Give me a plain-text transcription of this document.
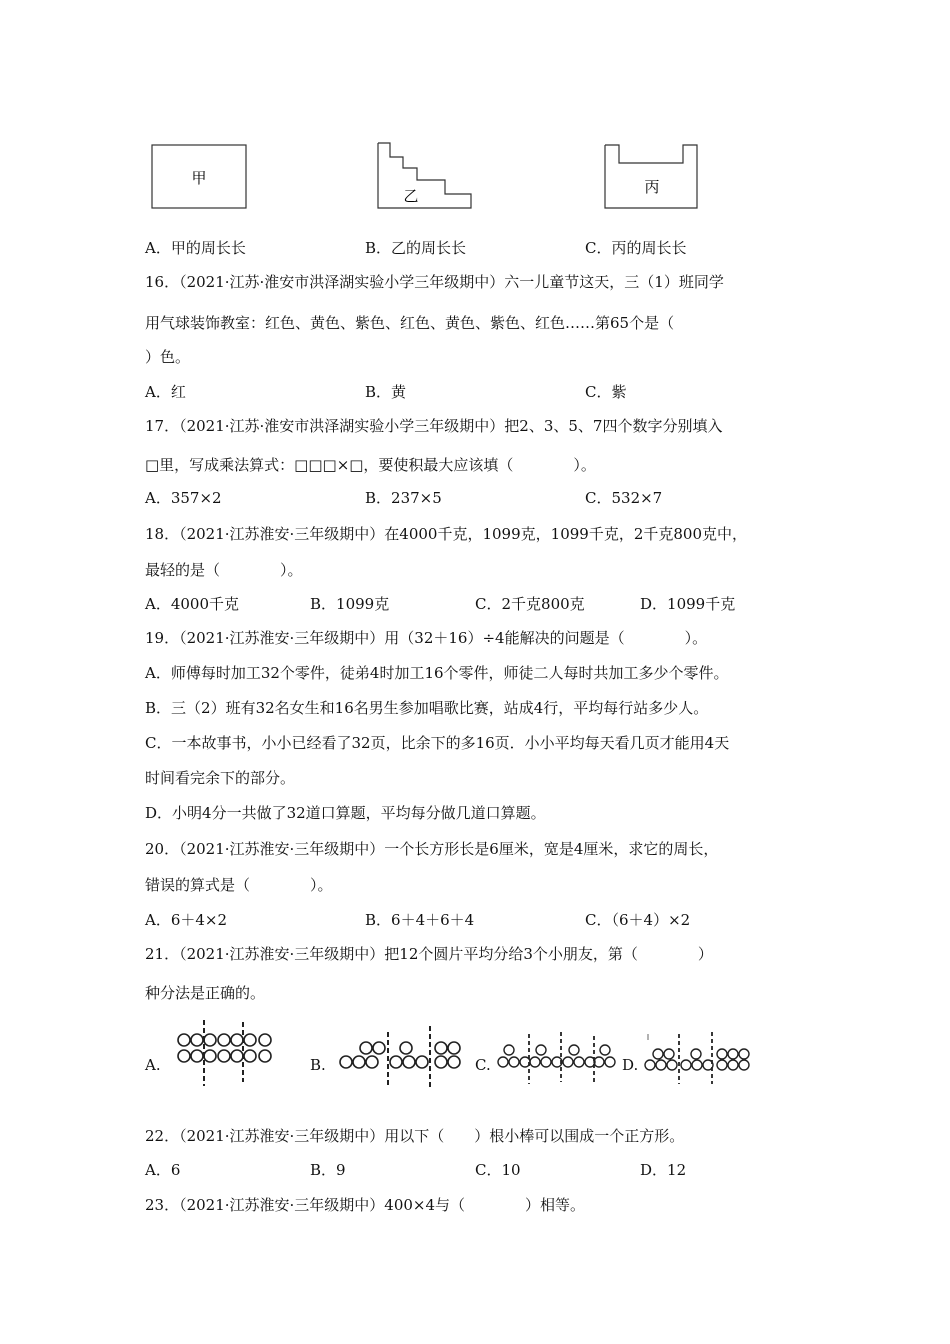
甲
乙	丙
A．甲的周长长	B．乙的周长长	C．丙的周长长
16．（2021·江苏·淮安市洪泽湖实验小学三年级期中）六一儿童节这天，三（1）班同学
用气球装饰教室：红色、黄色、紫色、红色、黄色、紫色、红色……第65个是（
）色。
A．红	B．黄	C．紫
17．（2021·江苏·淮安市洪泽湖实验小学三年级期中）把2、3、5、7四个数字分别填入
□里，写成乘法算式：□□□×□，要使积最大应该填（　　　　）。
A．357×2	B．237×5	C．532×7
18．（2021·江苏淮安·三年级期中）在4000千克，1099克，1099千克，2千克800克中，
最轻的是（　　　　）。
A．4000千克	B．1099克	C．2千克800克	D．1099千克
19．（2021·江苏淮安·三年级期中）用（32＋16）÷4能解决的问题是（　　　　）。
A．师傅每时加工32个零件，徒弟4时加工16个零件，师徒二人每时共加工多少个零件。
B．三（2）班有32名女生和16名男生参加唱歌比赛，站成4行，平均每行站多少人。
C．一本故事书，小小已经看了32页，比余下的多16页．小小平均每天看几页才能用4天
时间看完余下的部分。
D．小明4分一共做了32道口算题，平均每分做几道口算题。
20．（2021·江苏淮安·三年级期中）一个长方形长是6厘米，宽是4厘米，求它的周长，
错误的算式是（　　　　）。
A．6＋4×2	B．6＋4＋6＋4	C．（6＋4）×2
21．（2021·江苏淮安·三年级期中）把12个圆片平均分给3个小朋友，第（　　　　）
种分法是正确的。
A.	B.	C.	D.
22．（2021·江苏淮安·三年级期中）用以下（　　）根小棒可以围成一个正方形。
A．6	B．9	C．10	D．12
23．（2021·江苏淮安·三年级期中）400×4与（　　　　）相等。
